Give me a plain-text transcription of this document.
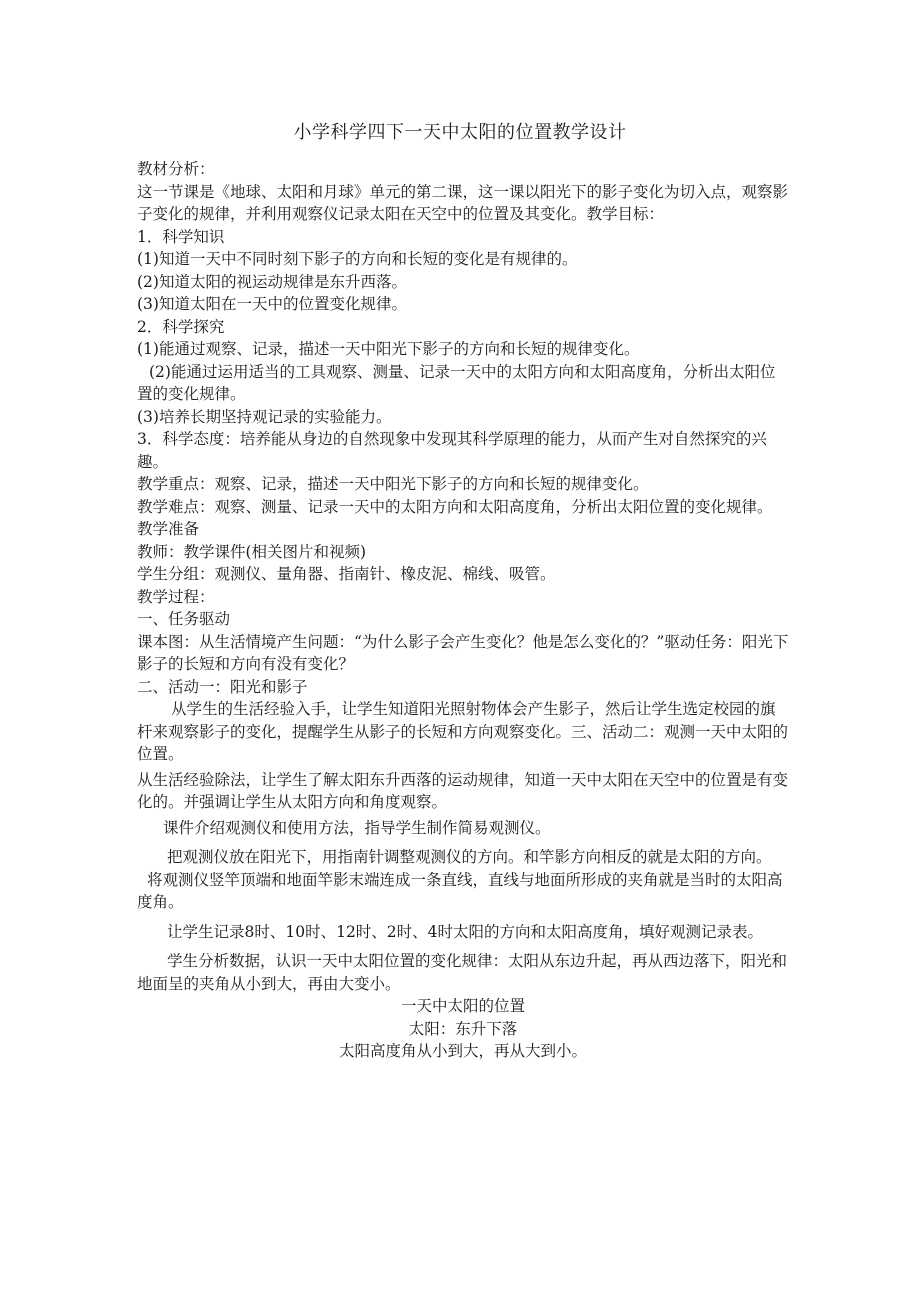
小学科学四下一天中太阳的位置教学设计

教材分析：

这一节课是《地球、太阳和月球》单元的第二课，这一课以阳光下的影子变化为切入点，观察影子变化的规律，并利用观察仪记录太阳在天空中的位置及其变化。教学目标：

1．科学知识

(1)知道一天中不同时刻下影子的方向和长短的变化是有规律的。

(2)知道太阳的视运动规律是东升西落。

(3)知道太阳在一天中的位置变化规律。

2．科学探究

(1)能通过观察、记录，描述一天中阳光下影子的方向和长短的规律变化。

(2)能通过运用适当的工具观察、测量、记录一天中的太阳方向和太阳高度角，分析出太阳位置的变化规律。

(3)培养长期坚持观记录的实验能力。

3．科学态度：培养能从身边的自然现象中发现其科学原理的能力，从而产生对自然探究的兴趣。

教学重点：观察、记录，描述一天中阳光下影子的方向和长短的规律变化。

教学难点：观察、测量、记录一天中的太阳方向和太阳高度角，分析出太阳位置的变化规律。

教学准备

教师：教学课件(相关图片和视频)

学生分组：观测仪、量角器、指南针、橡皮泥、棉线、吸管。

教学过程：

一、任务驱动

课本图：从生活情境产生问题：“为什么影子会产生变化？他是怎么变化的？”驱动任务：阳光下影子的长短和方向有没有变化？

二、活动一：阳光和影子

从学生的生活经验入手，让学生知道阳光照射物体会产生影子，然后让学生选定校园的旗杆来观察影子的变化，提醒学生从影子的长短和方向观察变化。三、活动二：观测一天中太阳的位置。

从生活经验除法，让学生了解太阳东升西落的运动规律，知道一天中太阳在天空中的位置是有变化的。并强调让学生从太阳方向和角度观察。

课件介绍观测仪和使用方法，指导学生制作简易观测仪。

把观测仪放在阳光下，用指南针调整观测仪的方向。和竿影方向相反的就是太阳的方向。

将观测仪竖竿顶端和地面竿影末端连成一条直线，直线与地面所形成的夹角就是当时的太阳高度角。

让学生记录8时、10时、12时、2时、4时太阳的方向和太阳高度角，填好观测记录表。

学生分析数据，认识一天中太阳位置的变化规律：太阳从东边升起，再从西边落下，阳光和地面呈的夹角从小到大，再由大变小。

一天中太阳的位置

太阳：东升下落

太阳高度角从小到大，再从大到小。
